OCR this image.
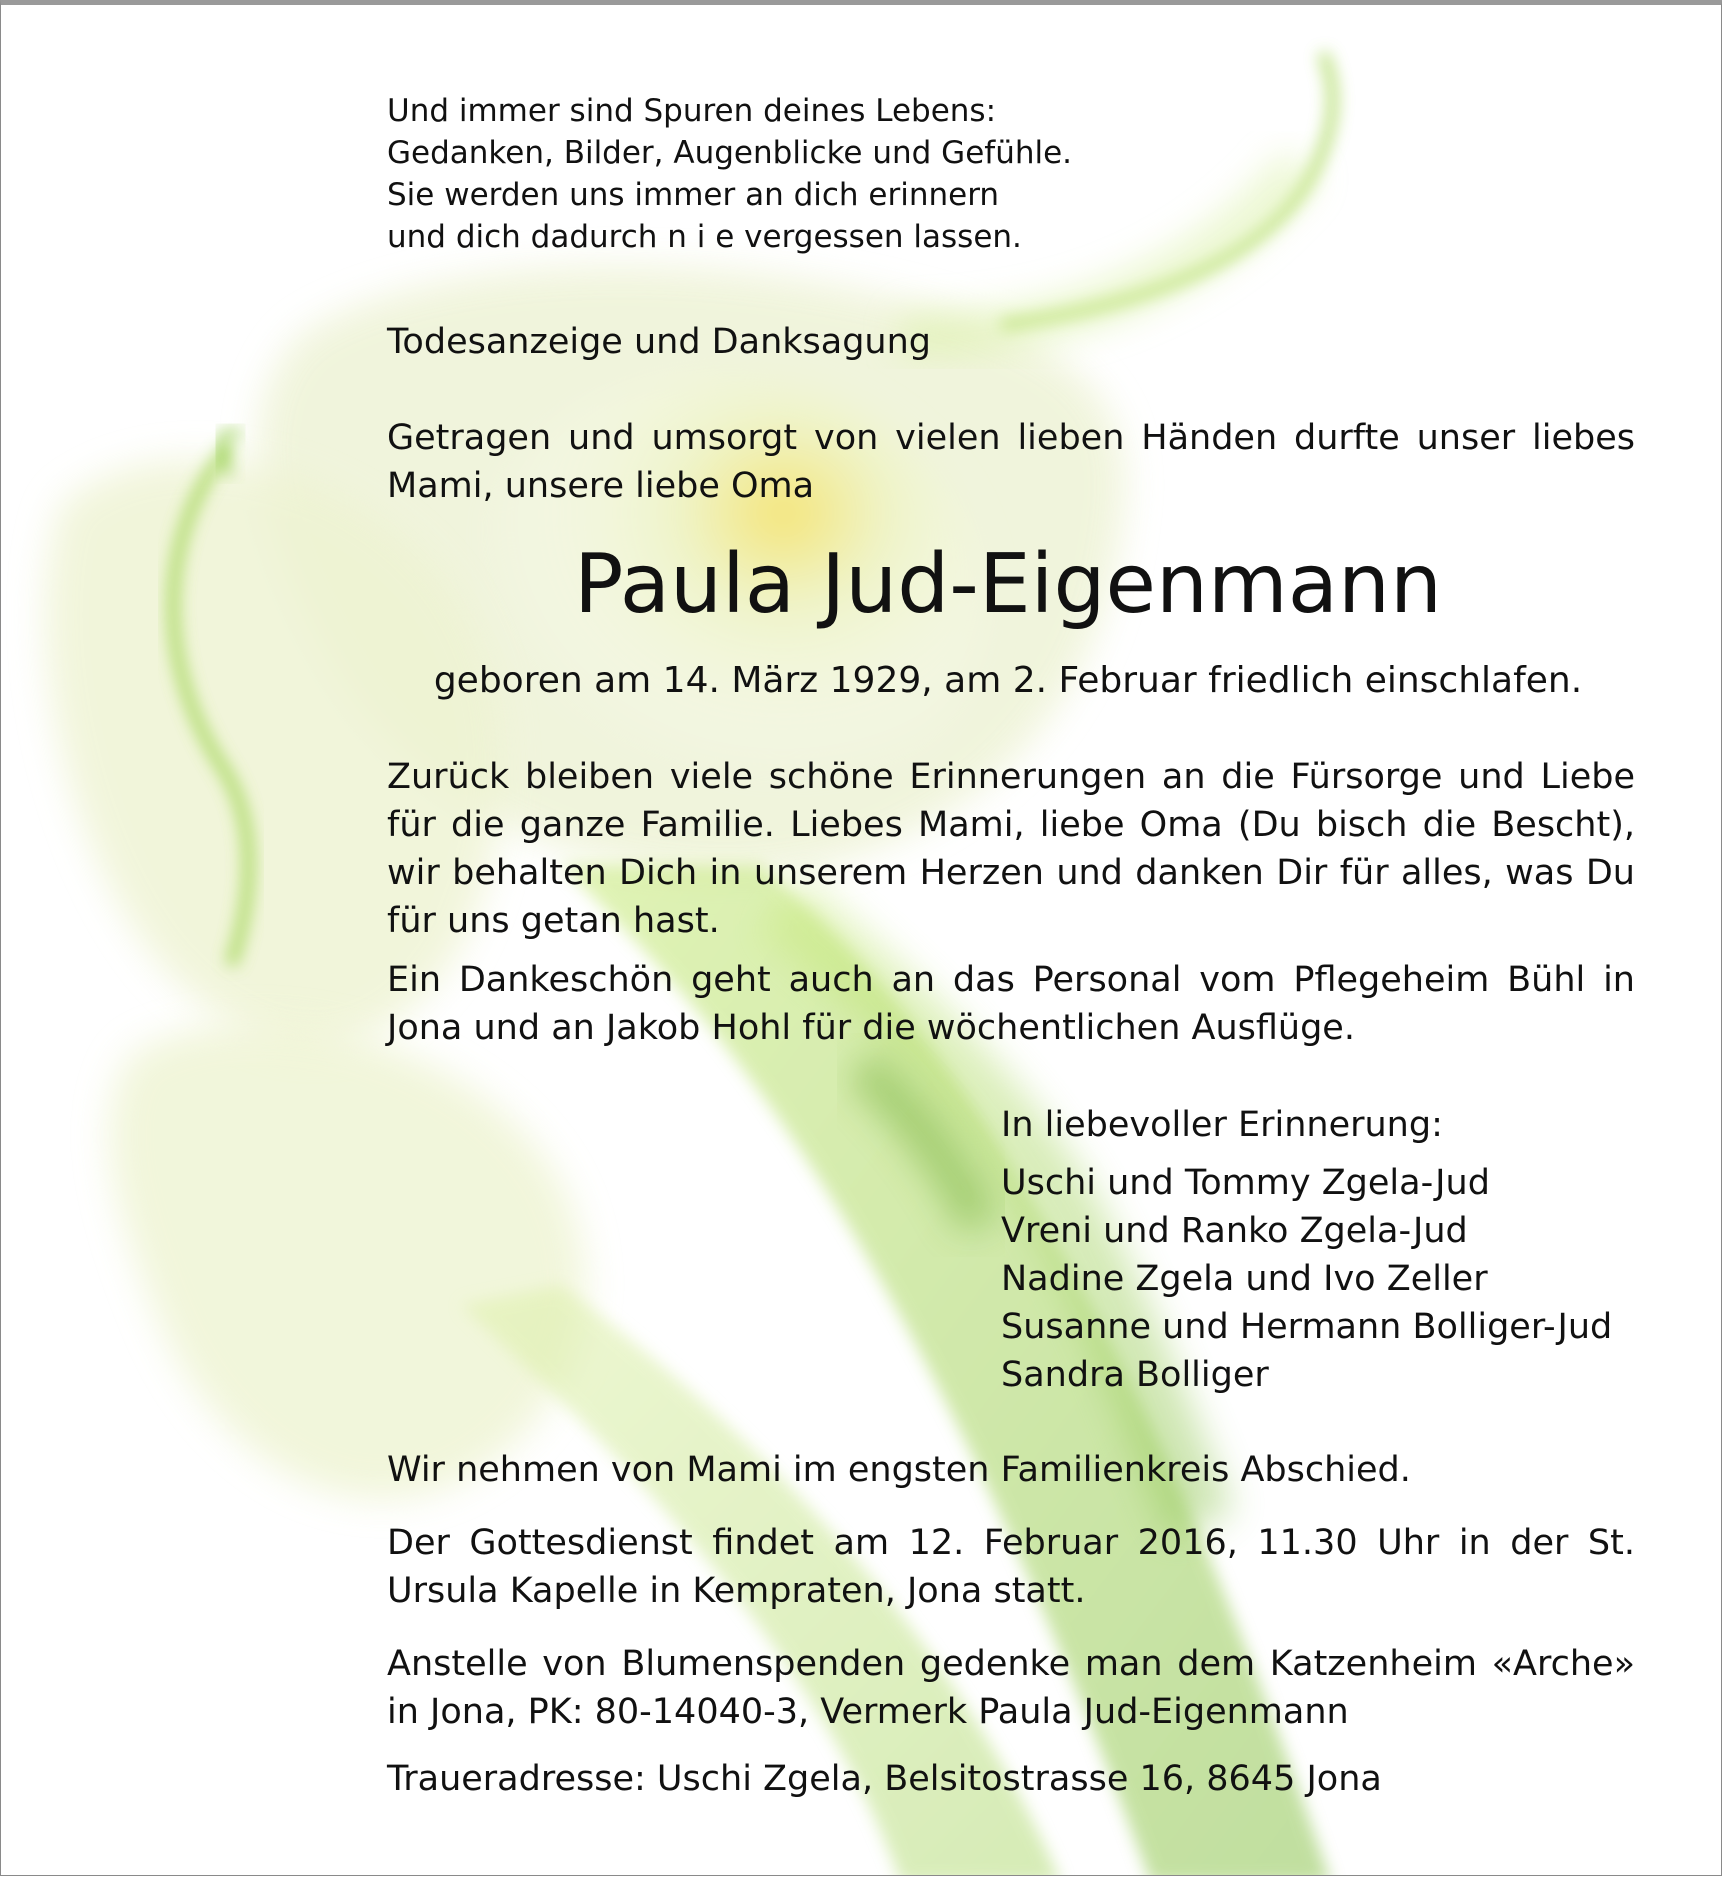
Und immer sind Spuren deines Lebens:
Gedanken, Bilder, Augenblicke und Gefühle.
Sie werden uns immer an dich erinnern
und dich dadurch n i e vergessen lassen.

Todesanzeige und Danksagung

Getragen und umsorgt von vielen lieben Händen durfte unser liebes Mami, unsere liebe Oma

Paula Jud-Eigenmann
geboren am 14. März 1929, am 2. Februar friedlich einschlafen.

Zurück bleiben viele schöne Erinnerungen an die Fürsorge und Liebe für die ganze Familie. Liebes Mami, liebe Oma (Du bisch die Bescht), wir behalten Dich in unserem Herzen und danken Dir für alles, was Du für uns getan hast.

Ein Dankeschön geht auch an das Personal vom Pflegeheim Bühl in Jona und an Jakob Hohl für die wöchentlichen Ausflüge.

In liebevoller Erinnerung:
Uschi und Tommy Zgela-Jud
Vreni und Ranko Zgela-Jud
Nadine Zgela und Ivo Zeller
Susanne und Hermann Bolliger-Jud
Sandra Bolliger

Wir nehmen von Mami im engsten Familienkreis Abschied.

Der Gottesdienst findet am 12. Februar 2016, 11.30 Uhr in der St. Ursula Kapelle in Kempraten, Jona statt.

Anstelle von Blumenspenden gedenke man dem Katzenheim «Arche» in Jona, PK: 80-14040-3, Vermerk Paula Jud-Eigenmann

Traueradresse: Uschi Zgela, Belsitostrasse 16, 8645 Jona
